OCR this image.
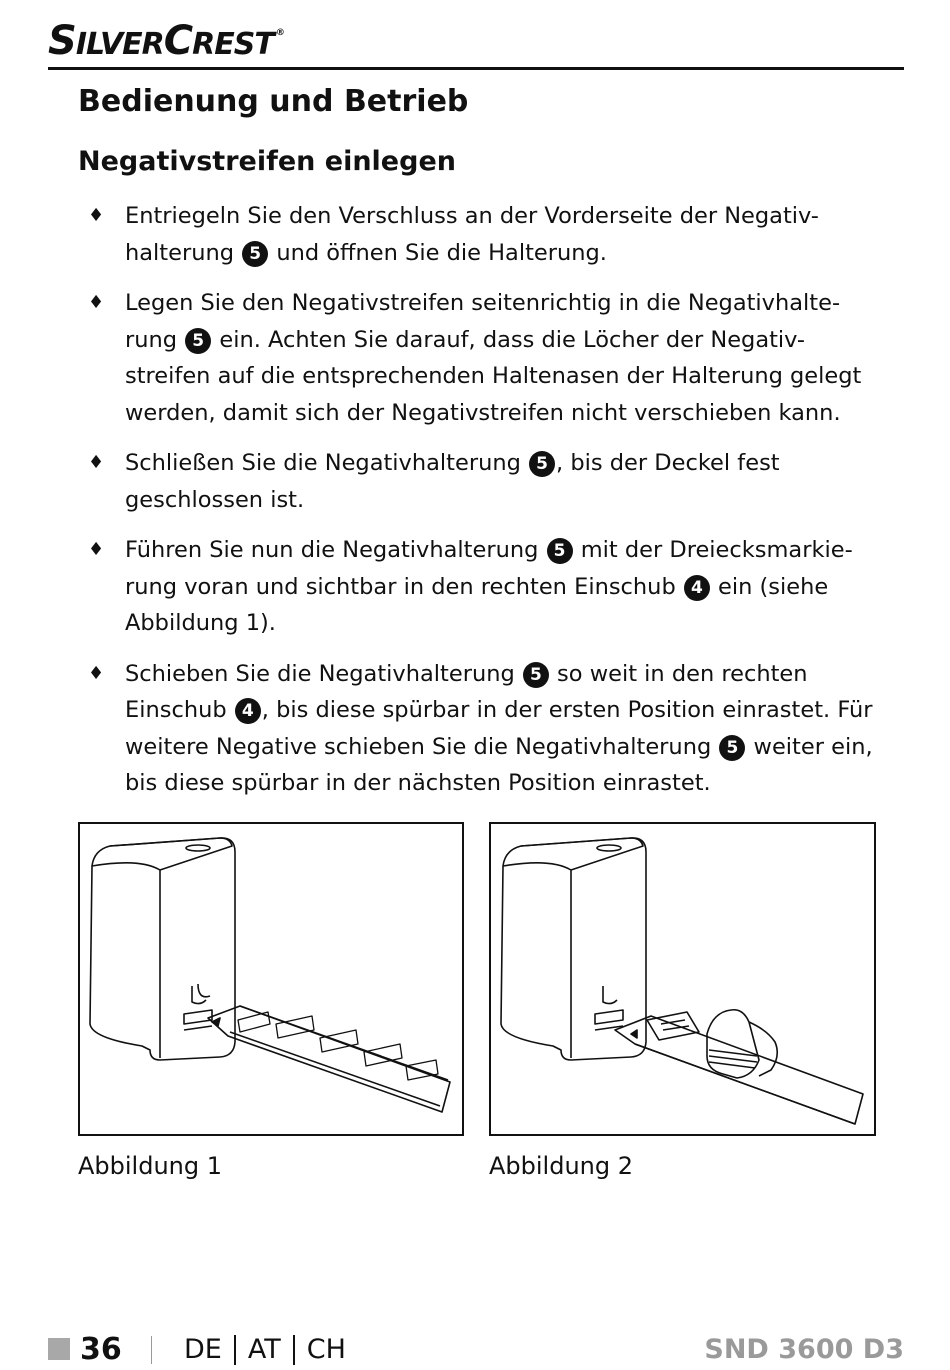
S ILVER C REST ®
Bedienung und Betrieb
Negativstreifen einlegen
♦ Entriegeln Sie den Verschluss an der Vorderseite der Negativ-halterung 5 und öffnen Sie die Halterung.
♦ Legen Sie den Negativstreifen seitenrichtig in die Negativhalte-rung 5 ein. Achten Sie darauf, dass die Löcher der Negativ-streifen auf die entsprechenden Haltenasen der Halterung gelegt werden, damit sich der Negativstreifen nicht verschieben kann.
♦ Schließen Sie die Negativhalterung 5 , bis der Deckel fest geschlossen ist.
♦ Führen Sie nun die Negativhalterung 5 mit der Dreiecksmarkie-rung voran und sichtbar in den rechten Einschub 4 ein (siehe Abbildung 1).
♦ Schieben Sie die Negativhalterung 5 so weit in den rechten Einschub 4 , bis diese spürbar in der ersten Position einrastet. Für weitere Negative schieben Sie die Negativhalterung 5 weiter ein, bis diese spürbar in der nächsten Position einrastet.
Abbildung 1	Abbildung 2
36 DE AT CH	SND 3600 D3
